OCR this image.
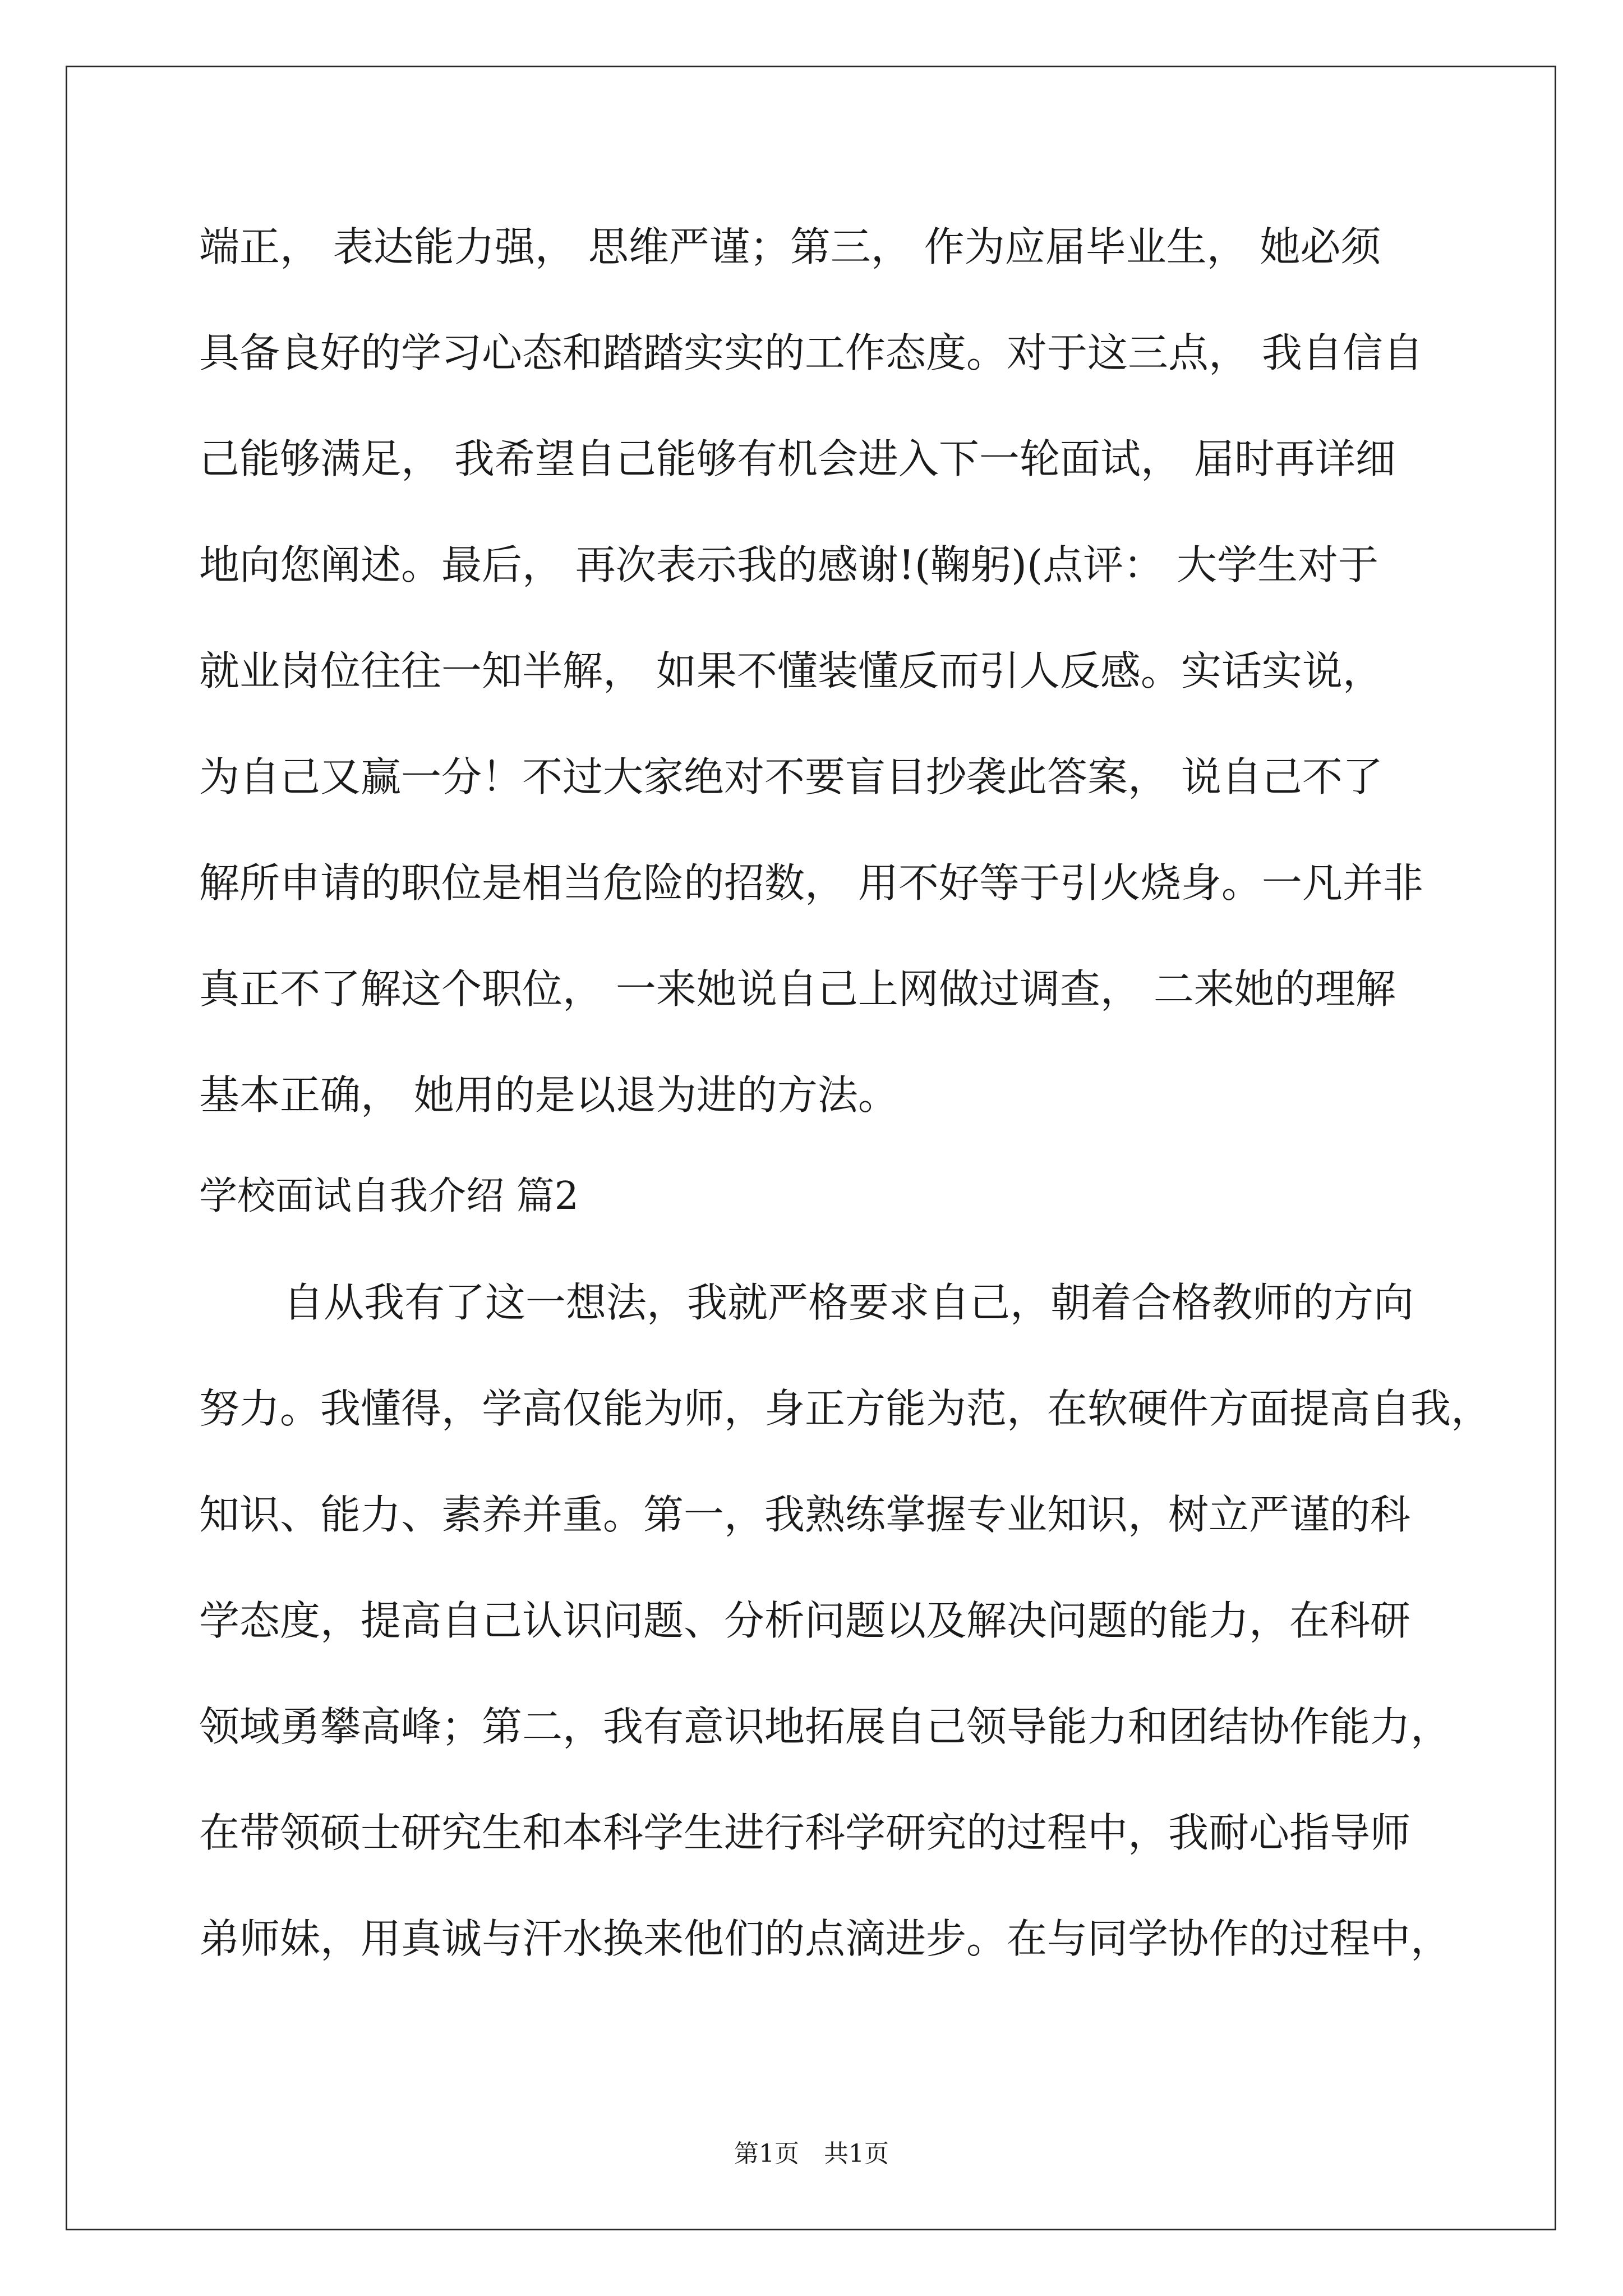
端正， 表达能力强， 思维严谨；第三， 作为应届毕业生， 她必须
具备良好的学习心态和踏踏实实的工作态度。对于这三点， 我自信自
己能够满足， 我希望自己能够有机会进入下一轮面试， 届时再详细
地向您阐述。最后， 再次表示我的感谢!(鞠躬)(点评： 大学生对于
就业岗位往往一知半解， 如果不懂装懂反而引人反感。实话实说，
为自己又赢一分！不过大家绝对不要盲目抄袭此答案， 说自己不了
解所申请的职位是相当危险的招数， 用不好等于引火烧身。一凡并非
真正不了解这个职位， 一来她说自己上网做过调查， 二来她的理解
基本正确， 她用的是以退为进的方法。
学校面试自我介绍 篇2
自从我有了这一想法，我就严格要求自己，朝着合格教师的方向
努力。我懂得，学高仅能为师，身正方能为范，在软硬件方面提高自我，
知识、能力、素养并重。第一，我熟练掌握专业知识，树立严谨的科
学态度，提高自己认识问题、分析问题以及解决问题的能力，在科研
领域勇攀高峰；第二，我有意识地拓展自己领导能力和团结协作能力，
在带领硕士研究生和本科学生进行科学研究的过程中，我耐心指导师
弟师妹，用真诚与汗水换来他们的点滴进步。在与同学协作的过程中，
第1页　共1页
